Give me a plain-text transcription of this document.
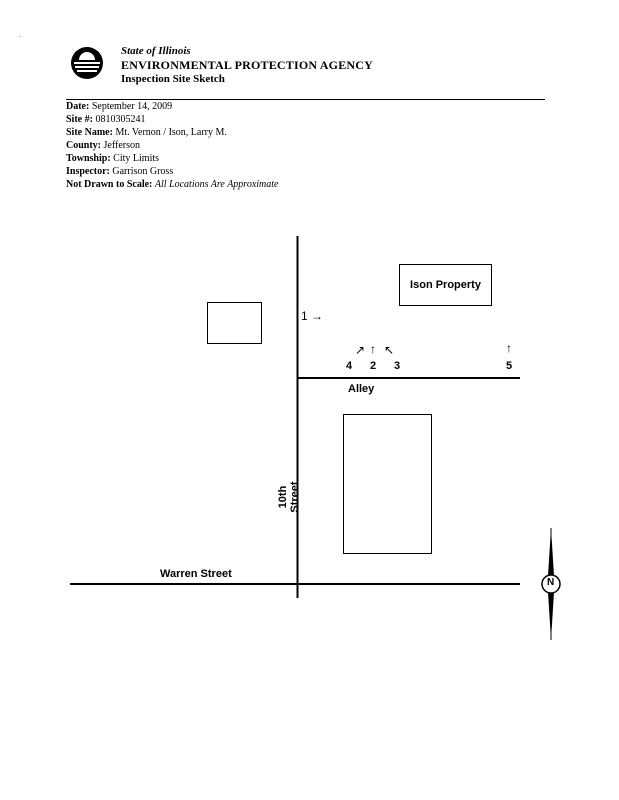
.
State of Illinois
ENVIRONMENTAL PROTECTION AGENCY
Inspection Site Sketch
Date: September 14, 2009
Site #: 0810305241
Site Name: Mt. Vernon / Ison, Larry M.
County: Jefferson
Township: City Limits
Inspector: Garrison Gross
Not Drawn to Scale: All Locations Are Approximate
Ison Property
Alley
Warren Street
10th Street
1 →
↗ ↑ ↖	↑
4 2 3	5
N
